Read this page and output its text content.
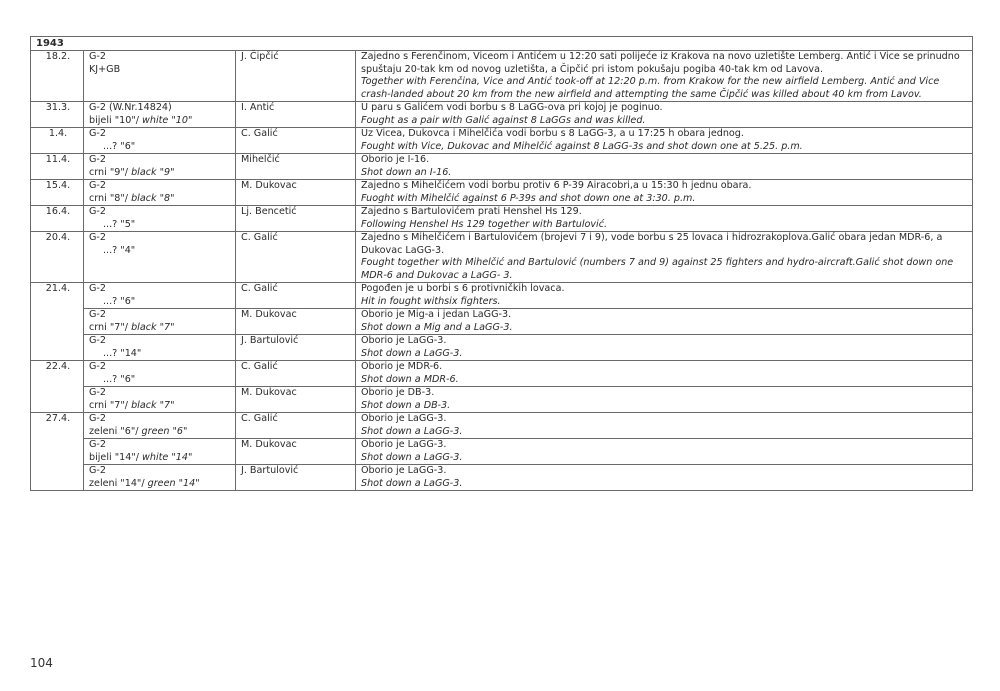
1943			
18.2.	G-2
KJ+GB	J. Čipčić	Zajedno s Ferenčinom, Viceom i Antićem u 12:20 sati polijeće iz Krakova na novo uzletište Lemberg. Antić i Vice se prinudno spuštaju 20-tak km od novog uzletišta, a Čipčić pri istom pokušaju pogiba 40-tak km od Lavova.
Together with Ferenčina, Vice and Antić took-off at 12:20 p.m. from Krakow for the new airfield Lemberg. Antić and Vice crash-landed about 20 km from the new airfield and attempting the same Čipčić was killed about 40 km from Lavov.

31.3.	G-2 (W.Nr.14824)
bijeli "10"/ white "10"	I. Antić	U paru s Galićem vodi borbu s 8 LaGG-ova pri kojoj je poginuo.
Fought as a pair with Galić against 8 LaGGs and was killed.

1.4.	G-2
...? "6"	C. Galić	Uz Vicea, Dukovca i Mihelčića vodi borbu s 8 LaGG-3, a u 17:25 h obara jednog.
Fought with Vice, Dukovac and Mihelčić against 8 LaGG-3s and shot down one at 5.25. p.m.

11.4.	G-2
crni "9"/ black "9"	Mihelčić	Oborio je I-16.
Shot down an I-16.

15.4.	G-2
crni "8"/ black "8"	M. Dukovac	Zajedno s Mihelčićem vodi borbu protiv 6 P-39 Airacobri,a u 15:30 h jednu obara.
Fuoght with Mihelčić against 6 P-39s and shot down one at 3:30. p.m.

16.4.	G-2
...? "5"	Lj. Bencetić	Zajedno s Bartulovićem prati Henshel Hs 129.
Following Henshel Hs 129 together with Bartulović.

20.4.	G-2
...? "4"	C. Galić	Zajedno s Mihelčićem i Bartulovićem (brojevi 7 i 9), vode borbu s 25 lovaca i hidrozrakoplova.Galić obara jedan MDR-6, a Dukovac LaGG-3.
Fought together with Mihelčić and Bartulović (numbers 7 and 9) against 25 fighters and hydro-aircraft.Galić shot down one MDR-6 and Dukovac a LaGG- 3.

21.4.	G-2
...? "6"	C. Galić	Pogođen je u borbi s 6 protivničkih lovaca.
Hit in fought withsix fighters.

	G-2
crni "7"/ black "7"	M. Dukovac	Oborio je Mig-a i jedan LaGG-3.
Shot down a Mig and a LaGG-3.

	G-2
...? "14"	J. Bartulović	Oborio je LaGG-3.
Shot down a LaGG-3.

22.4.	G-2
...? "6"	C. Galić	Oborio je MDR-6.
Shot down a MDR-6.

	G-2
crni "7"/ black "7"	M. Dukovac	Oborio je DB-3.
Shot down a DB-3.

27.4.	G-2
zeleni "6"/ green "6"	C. Galić	Oborio je LaGG-3.
Shot down a LaGG-3.

	G-2
bijeli "14"/ white "14"	M. Dukovac	Oborio je LaGG-3.
Shot down a LaGG-3.

	G-2
zeleni "14"/ green "14"	J. Bartulović	Oborio je LaGG-3.
Shot down a LaGG-3.
104
